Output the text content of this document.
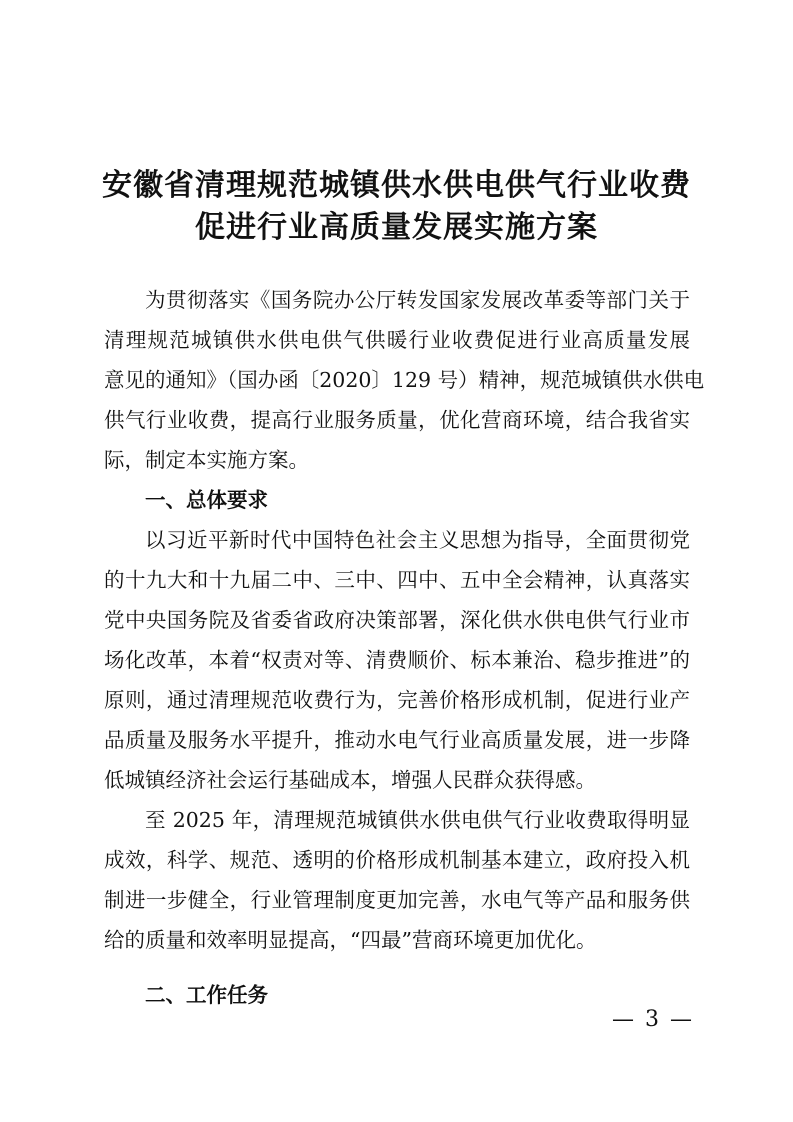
安徽省清理规范城镇供水供电供气行业收费
促进行业高质量发展实施方案
为贯彻落实《国务院办公厅转发国家发展改革委等部门关于
清理规范城镇供水供电供气供暖行业收费促进行业高质量发展
意见的通知》（国办函〔2020〕129 号）精神，规范城镇供水供电
供气行业收费，提高行业服务质量，优化营商环境，结合我省实
际，制定本实施方案。
一、总体要求
以习近平新时代中国特色社会主义思想为指导，全面贯彻党
的十九大和十九届二中、三中、四中、五中全会精神，认真落实
党中央国务院及省委省政府决策部署，深化供水供电供气行业市
场化改革，本着“权责对等、清费顺价、标本兼治、稳步推进”的
原则，通过清理规范收费行为，完善价格形成机制，促进行业产
品质量及服务水平提升，推动水电气行业高质量发展，进一步降
低城镇经济社会运行基础成本，增强人民群众获得感。
至 2025 年，清理规范城镇供水供电供气行业收费取得明显
成效，科学、规范、透明的价格形成机制基本建立，政府投入机
制进一步健全，行业管理制度更加完善，水电气等产品和服务供
给的质量和效率明显提高，“四最”营商环境更加优化。
二、工作任务
— 3 —
